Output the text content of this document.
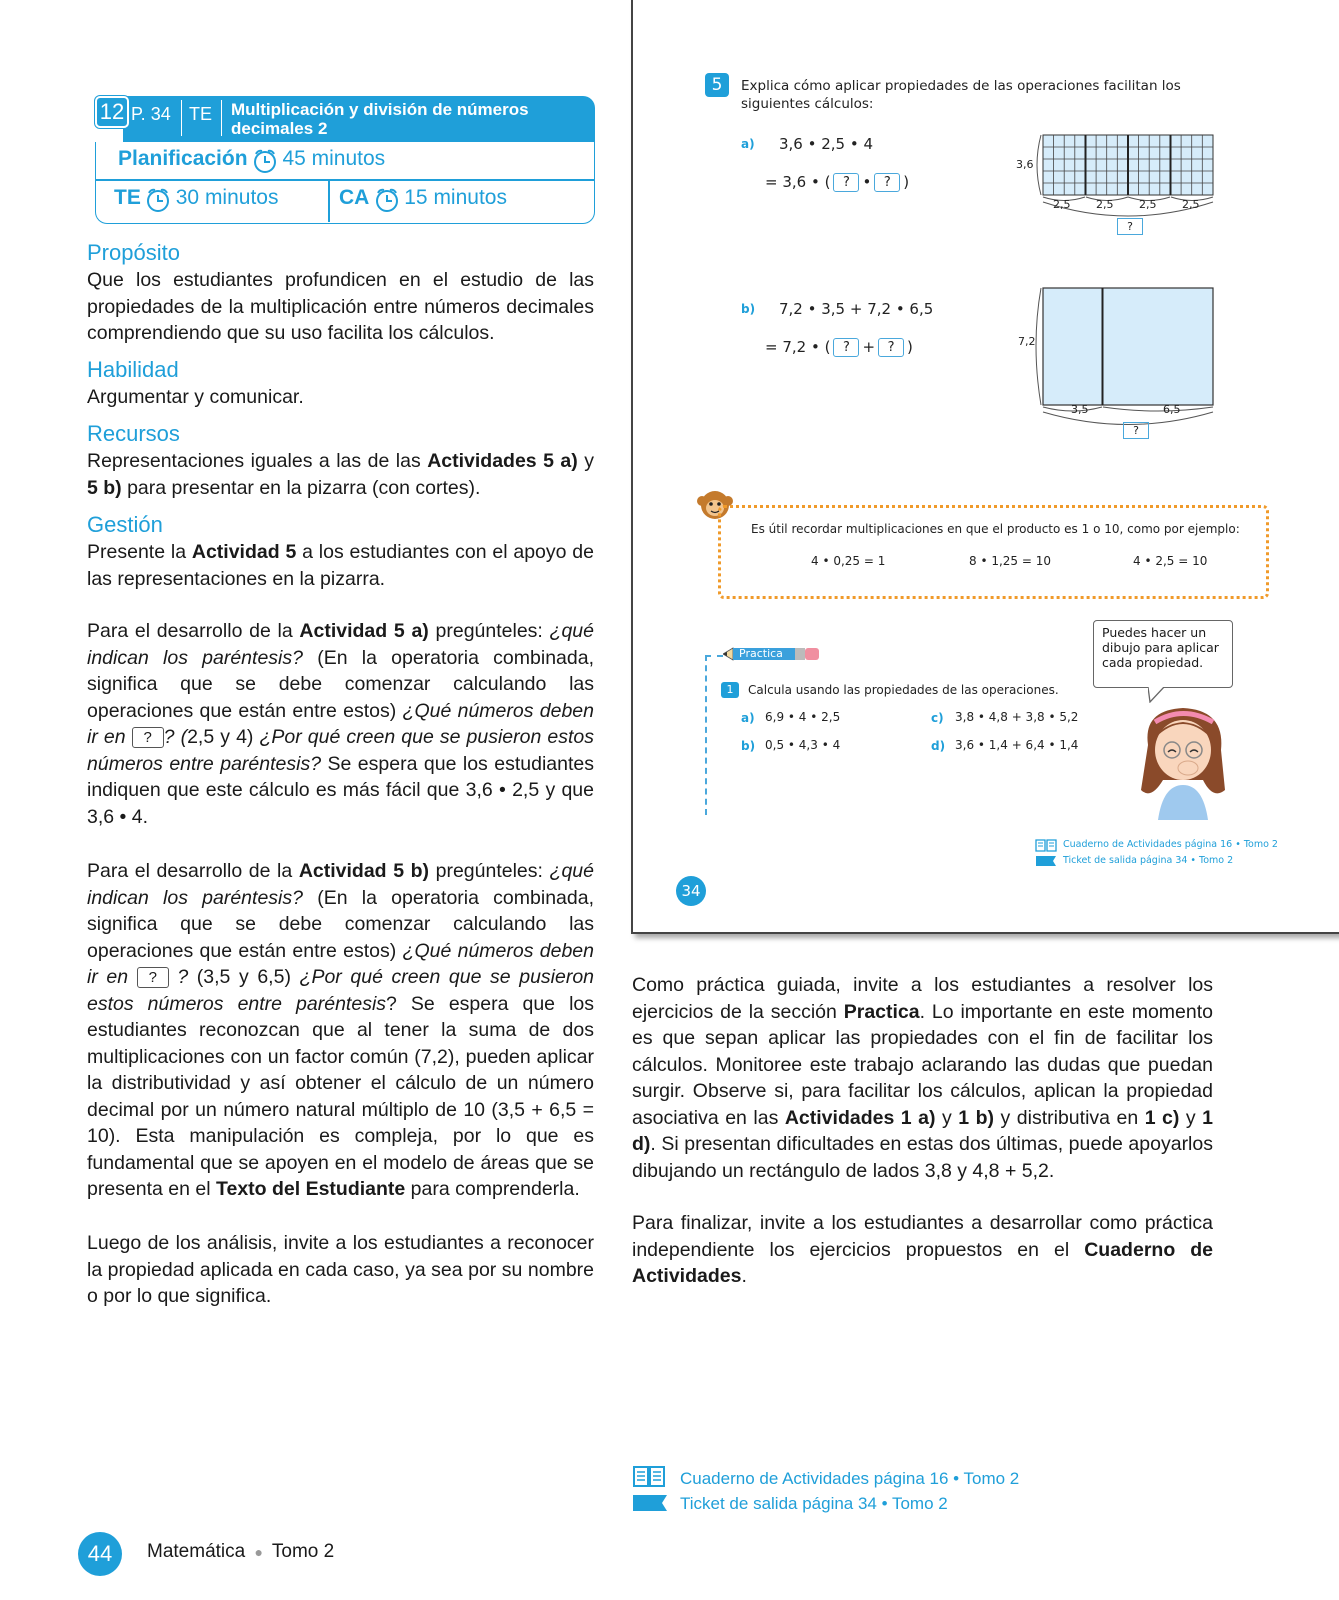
P. 34 TE Multiplicación y división de números decimales 2
12
Planificación 45 minutos
TE 30 minutos	CA 15 minutos
Propósito
Que los estudiantes profundicen en el estudio de las propiedades de la multiplicación entre números decimales comprendiendo que su uso facilita los cálculos.
Habilidad
Argumentar y comunicar.
Recursos
Representaciones iguales a las de las Actividades 5 a) y 5 b) para presentar en la pizarra (con cortes).
Gestión
Presente la Actividad 5 a los estudiantes con el apoyo de las representaciones en la pizarra.
Para el desarrollo de la Actividad 5 a) pregúnteles: ¿qué indican los paréntesis? (En la operatoria combinada, significa que se debe comenzar calculando las operaciones que están entre estos) ¿Qué números deben ir en ? ? (2,5 y 4) ¿Por qué creen que se pusieron estos números entre paréntesis? Se espera que los estudiantes indiquen que este cálculo es más fácil que 3,6 • 2,5 y que 3,6 • 4.
Para el desarrollo de la Actividad 5 b) pregúnteles: ¿qué indican los paréntesis? (En la operatoria combinada, significa que se debe comenzar calculando las operaciones que están entre estos) ¿Qué números deben ir en ? ? (3,5 y 6,5) ¿Por qué creen que se pusieron estos números entre paréntesis? Se espera que los estudiantes reconozcan que al tener la suma de dos multiplicaciones con un factor común (7,2), pueden aplicar la distributividad y así obtener el cálculo de un número decimal por un número natural múltiplo de 10 (3,5 + 6,5 = 10). Esta manipulación es compleja, por lo que es fundamental que se apoyen en el modelo de áreas que se presenta en el Texto del Estudiante para comprenderla.
Luego de los análisis, invite a los estudiantes a reconocer la propiedad aplicada en cada caso, ya sea por su nombre o por lo que significa.
5	Explica cómo aplicar propiedades de las operaciones facilitan los
siguientes cálculos:
a) 3,6 • 2,5 • 4
= 3,6 • ( ? • ? )
3,6
2,5 2,5 2,5 2,5
?
b) 7,2 • 3,5 + 7,2 • 6,5
= 7,2 • ( ? + ? )	7,2
3,5	6,5
?
Es útil recordar multiplicaciones en que el producto es 1 o 10, como por ejemplo:
4 • 0,25 = 1	8 • 1,25 = 10	4 • 2,5 = 10
Practica
Puedes hacer un dibujo para aplicar cada propiedad.
1	Calcula usando las propiedades de las operaciones.
a) 6,9 • 4 • 2,5
b) 0,5 • 4,3 • 4
c) 3,8 • 4,8 + 3,8 • 5,2
d) 3,6 • 1,4 + 6,4 • 1,4
Cuaderno de Actividades página 16 • Tomo 2
Ticket de salida página 34 • Tomo 2
34
Como práctica guiada, invite a los estudiantes a resolver los ejercicios de la sección Practica. Lo importante en este momento es que sepan aplicar las propiedades con el fin de facilitar los cálculos. Monitoree este trabajo aclarando las dudas que puedan surgir. Observe si, para facilitar los cálculos, aplican la propiedad asociativa en las Actividades 1 a) y 1 b) y distributiva en 1 c) y 1 d). Si presentan dificultades en estas dos últimas, puede apoyarlos dibujando un rectángulo de lados 3,8 y 4,8 + 5,2.
Para finalizar, invite a los estudiantes a desarrollar como práctica independiente los ejercicios propuestos en el Cuaderno de Actividades.
Cuaderno de Actividades página 16 • Tomo 2
Ticket de salida página 34 • Tomo 2
44	Matemática ● Tomo 2
